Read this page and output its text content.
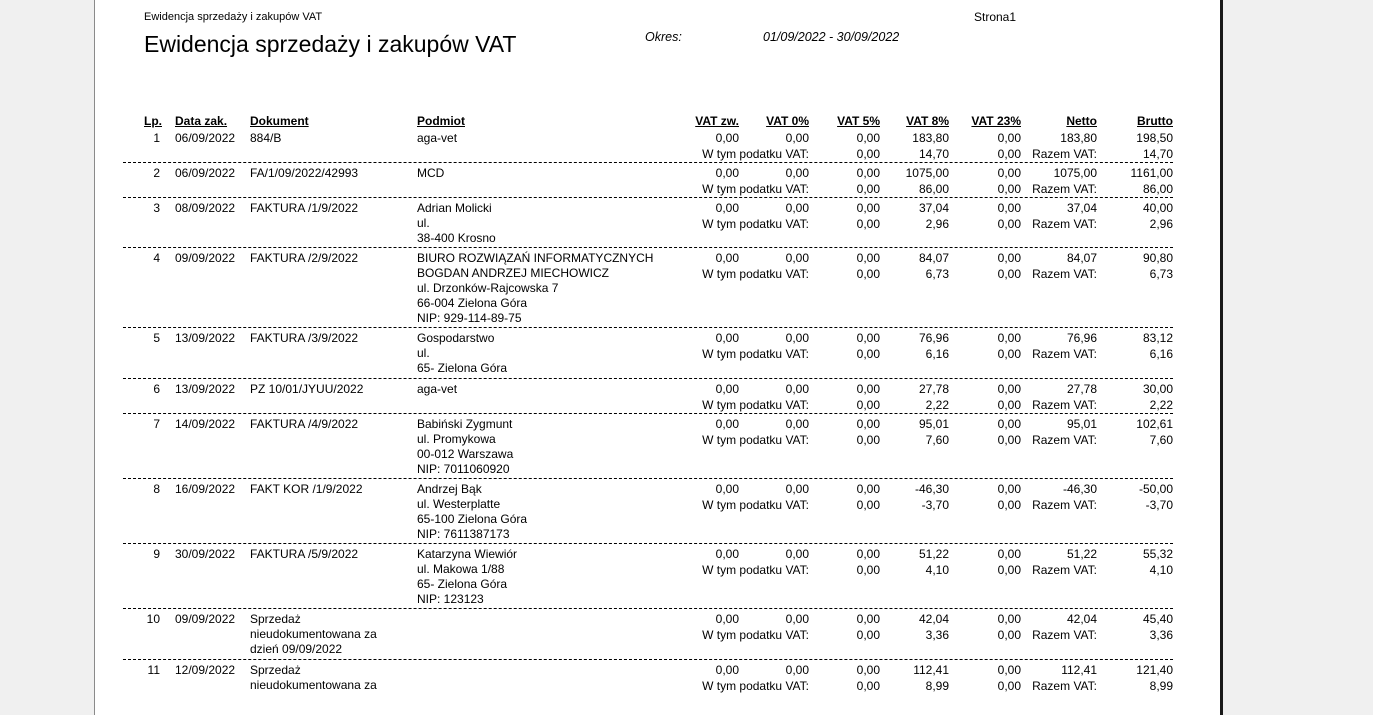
Ewidencja sprzedaży i zakupów VAT
Ewidencja sprzedaży i zakupów VAT
Strona1
Okres:	01/09/2022 - 30/09/2022
Lp. Data zak. Dokument	Podmiot	VAT zw.	VAT 0%	VAT 5%	VAT 8%	VAT 23%	Netto	Brutto
1 06/09/2022 884/B	aga-vet	0,00	0,00	0,00	183,80	0,00	183,80	198,50
W tym podatku VAT:	0,00	14,70	0,00 Razem VAT:	14,70
2 06/09/2022 FA/1/09/2022/42993	MCD	0,00	0,00	0,00	1075,00	0,00	1075,00	1161,00
W tym podatku VAT:	0,00	86,00	0,00 Razem VAT:	86,00
3 08/09/2022 FAKTURA /1/9/2022	Adrian Molicki
ul.
38-400 Krosno
0,00	0,00	0,00	37,04	0,00	37,04	40,00
W tym podatku VAT:	0,00	2,96	0,00 Razem VAT:	2,96
4 09/09/2022 FAKTURA /2/9/2022	BIURO ROZWIĄZAŃ INFORMATYCZNYCH
BOGDAN ANDRZEJ MIECHOWICZ
ul. Drzonków-Rajcowska 7
66-004 Zielona Góra
NIP: 929-114-89-75
0,00	0,00	0,00	84,07	0,00	84,07	90,80
W tym podatku VAT:	0,00	6,73	0,00 Razem VAT:	6,73
5 13/09/2022 FAKTURA /3/9/2022	Gospodarstwo
ul.
65- Zielona Góra
0,00	0,00	0,00	76,96	0,00	76,96	83,12
W tym podatku VAT:	0,00	6,16	0,00 Razem VAT:	6,16
6 13/09/2022 PZ 10/01/JYUU/2022	aga-vet	0,00	0,00	0,00	27,78	0,00	27,78	30,00
W tym podatku VAT:	0,00	2,22	0,00 Razem VAT:	2,22
7 14/09/2022 FAKTURA /4/9/2022	Babiński Zygmunt
ul. Promykowa
00-012 Warszawa
NIP: 7011060920
0,00	0,00	0,00	95,01	0,00	95,01	102,61
W tym podatku VAT:	0,00	7,60	0,00 Razem VAT:	7,60
8 16/09/2022 FAKT KOR /1/9/2022	Andrzej Bąk
ul. Westerplatte
65-100 Zielona Góra
NIP: 7611387173
0,00	0,00	0,00	-46,30	0,00	-46,30	-50,00
W tym podatku VAT:	0,00	-3,70	0,00 Razem VAT:	-3,70
9 30/09/2022 FAKTURA /5/9/2022	Katarzyna Wiewiór
ul. Makowa 1/88
65- Zielona Góra
NIP: 123123
0,00	0,00	0,00	51,22	0,00	51,22	55,32
W tym podatku VAT:	0,00	4,10	0,00 Razem VAT:	4,10
10 09/09/2022 Sprzedaż
nieudokumentowana za
dzień 09/09/2022
0,00	0,00	0,00	42,04	0,00	42,04	45,40
W tym podatku VAT:	0,00	3,36	0,00 Razem VAT:	3,36
11 12/09/2022 Sprzedaż
nieudokumentowana za
0,00	0,00	0,00	112,41	0,00	112,41	121,40
W tym podatku VAT:	0,00	8,99	0,00 Razem VAT:	8,99
